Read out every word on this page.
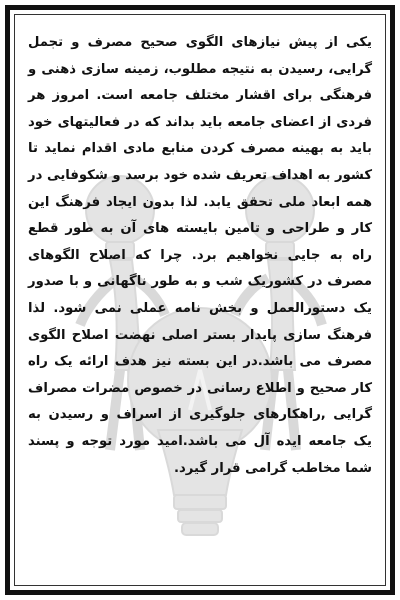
یکی از پیش نیازهای الگوی صحیح مصرف و تجمل گرایی، رسیدن به نتیجه مطلوب، زمینه سازی ذهنی و فرهنگی برای اقشار مختلف جامعه است. امروز هر فردی از اعضای جامعه باید بداند که در فعالیتهای خود باید به بهینه مصرف کردن منابع مادی اقدام نماید تا کشور به اهداف تعریف شده خود برسد و شکوفایی در همه ابعاد ملی تحقق یابد. لذا بدون ایجاد فرهنگ این کار و طراحی و تامین بایسته های آن به طور قطع راه به جایی نخواهیم برد. چرا که اصلاح الگوهای مصرف در کشوریک شب و به طور ناگهانی و با صدور یک دستورالعمل و بخش نامه عملی نمی شود. لذا فرهنگ سازی پایدار بستر اصلی نهضت اصلاح الگوی مصرف می باشد.در این بسته نیز هدف ارائه یک راه کار صحیح و اطلاع رسانی در خصوص مضرات مصراف گرایی ,راهکارهای جلوگیری از اسراف و رسیدن به یک جامعه ایده آل می باشد.امید مورد توجه و پسند شما مخاطب گرامی قرار گیرد.
